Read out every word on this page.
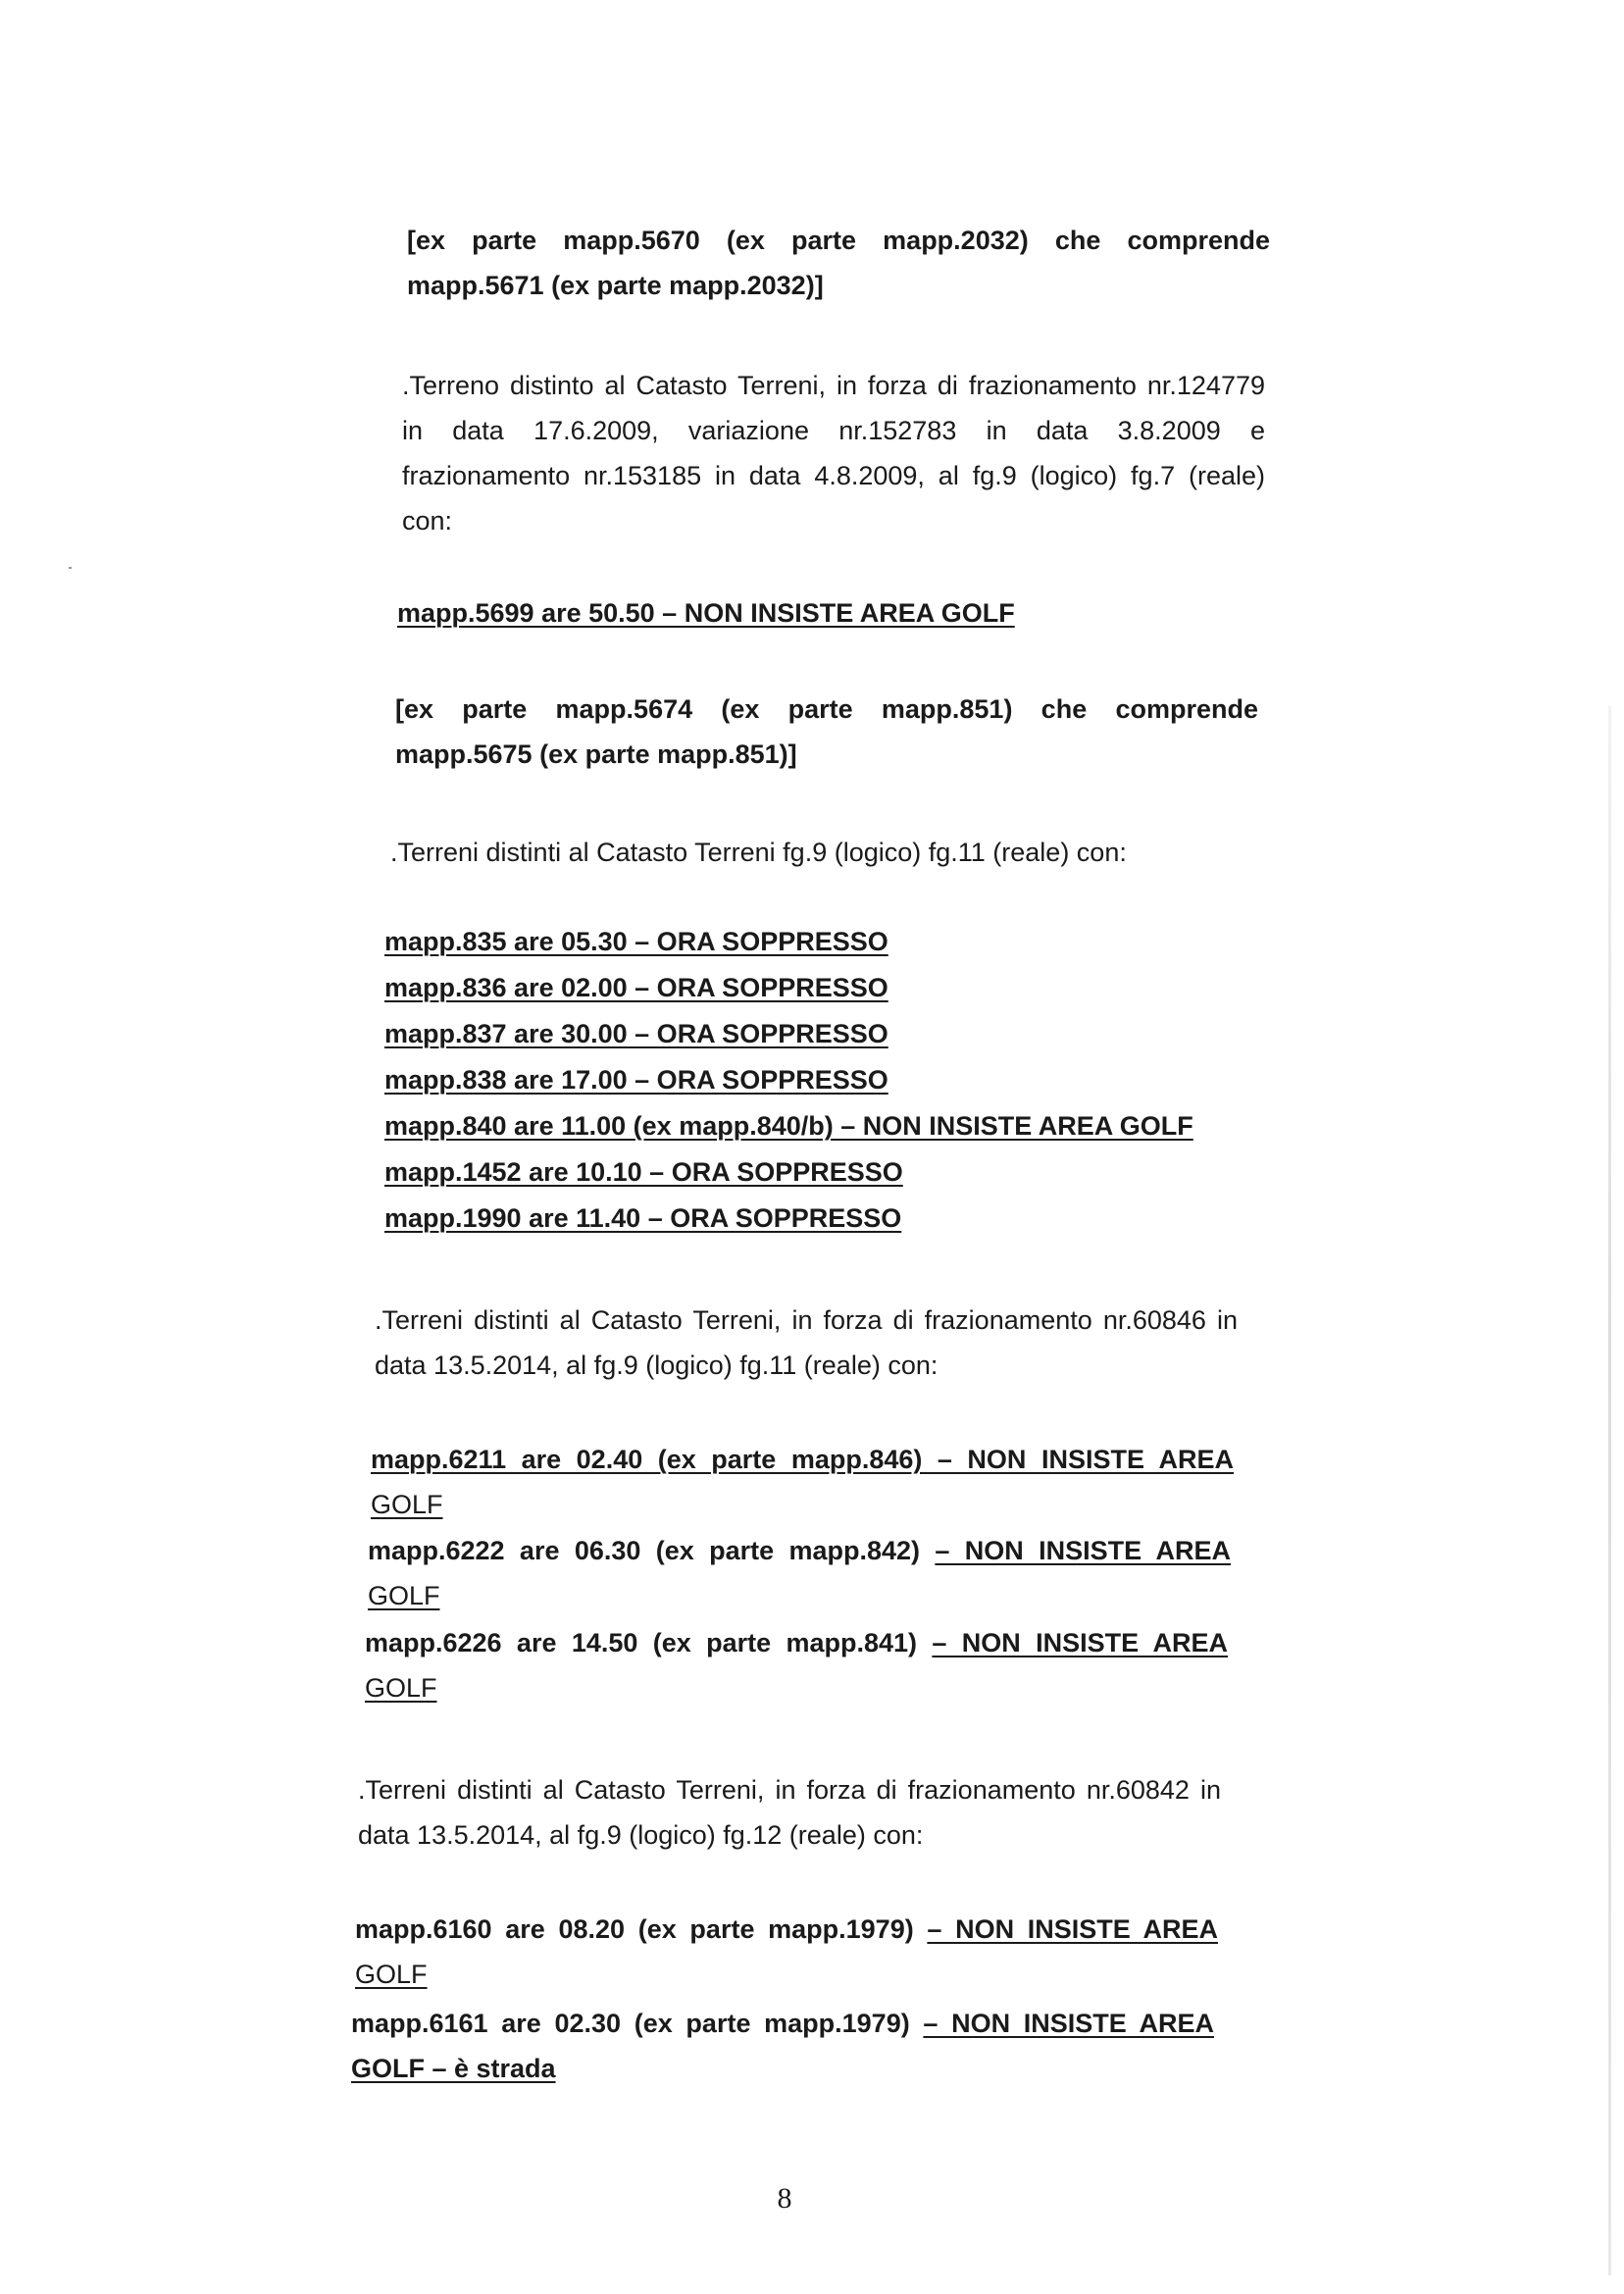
[ex parte mapp.5670 (ex parte mapp.2032) che comprende
mapp.5671 (ex parte mapp.2032)]
.Terreno distinto al Catasto Terreni, in forza di frazionamento nr.124779
in data 17.6.2009, variazione nr.152783 in data 3.8.2009 e
frazionamento nr.153185 in data 4.8.2009, al fg.9 (logico) fg.7 (reale)
con:
mapp.5699 are 50.50 – NON INSISTE AREA GOLF
[ex parte mapp.5674 (ex parte mapp.851) che comprende
mapp.5675 (ex parte mapp.851)]
.Terreni distinti al Catasto Terreni fg.9 (logico) fg.11 (reale) con:
mapp.835 are 05.30 – ORA SOPPRESSO
mapp.836 are 02.00 – ORA SOPPRESSO
mapp.837 are 30.00 – ORA SOPPRESSO
mapp.838 are 17.00 – ORA SOPPRESSO
mapp.840 are 11.00 (ex mapp.840/b) – NON INSISTE AREA GOLF
mapp.1452 are 10.10 – ORA SOPPRESSO
mapp.1990 are 11.40 – ORA SOPPRESSO
.Terreni distinti al Catasto Terreni, in forza di frazionamento nr.60846 in
data 13.5.2014, al fg.9 (logico) fg.11 (reale) con:
mapp.6211 are 02.40 (ex parte mapp.846) – NON INSISTE AREA
GOLF
mapp.6222 are 06.30 (ex parte mapp.842) – NON INSISTE AREA
GOLF
mapp.6226 are 14.50 (ex parte mapp.841) – NON INSISTE AREA
GOLF
.Terreni distinti al Catasto Terreni, in forza di frazionamento nr.60842 in
data 13.5.2014, al fg.9 (logico) fg.12 (reale) con:
mapp.6160 are 08.20 (ex parte mapp.1979) – NON INSISTE AREA
GOLF
mapp.6161 are 02.30 (ex parte mapp.1979) – NON INSISTE AREA
GOLF – è strada
8
